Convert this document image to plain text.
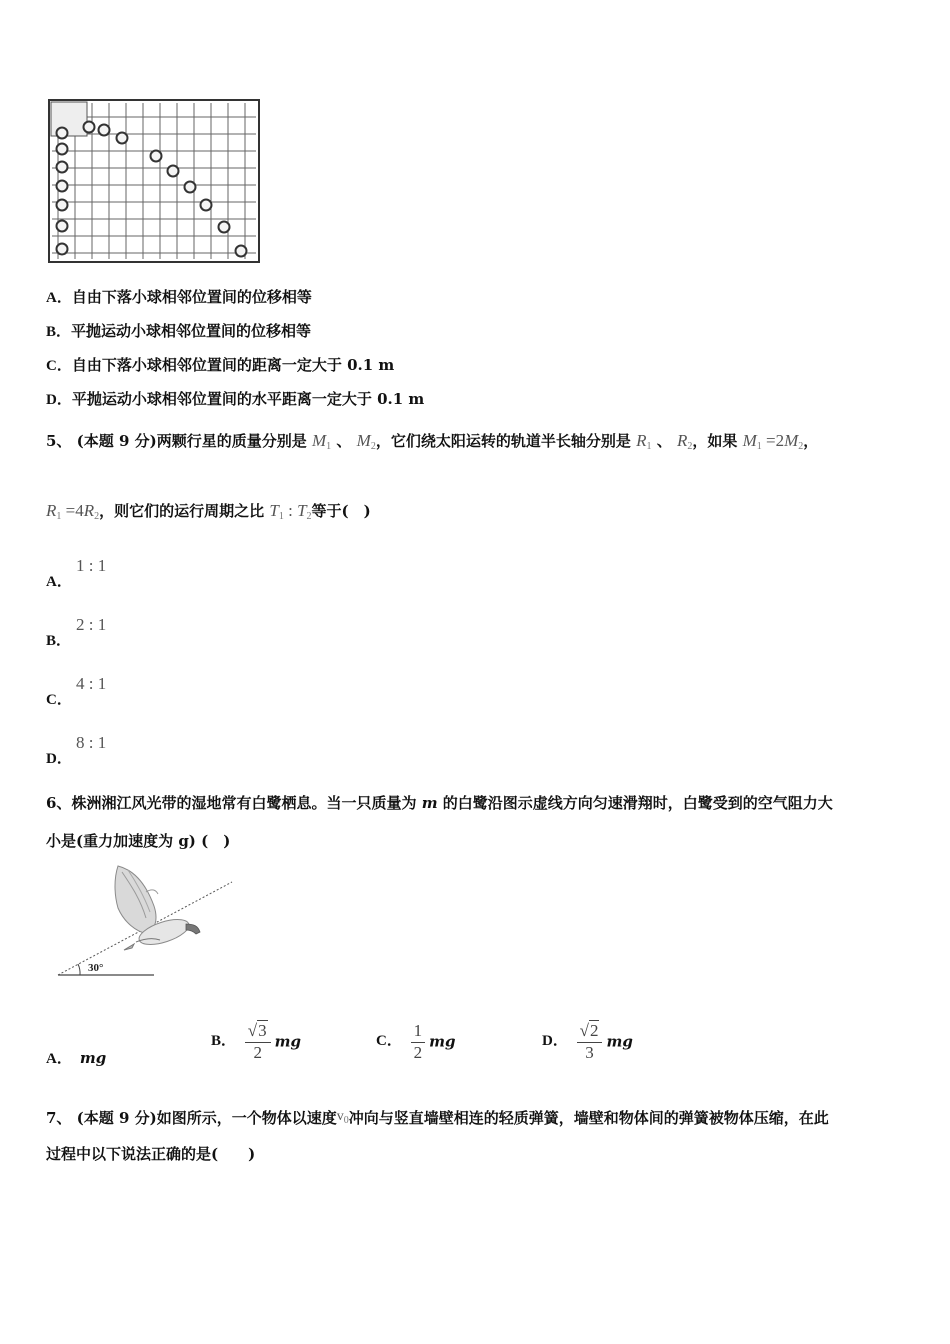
A．自由下落小球相邻位置间的位移相等
B．平抛运动小球相邻位置间的位移相等
C．自由下落小球相邻位置间的距离一定大于 0.1 m
D．平抛运动小球相邻位置间的水平距离一定大于 0.1 m
5、 (本题 9 分)两颗行星的质量分别是 $M_1$ 、 $M_2$，它们绕太阳运转的轨道半长轴分别是 $R_1$ 、 $R_2$，如果 $M_1 =2M_2$，
$R_1 =4R_2$，则它们的运行周期之比 $T_1$ : $T_2$等于(　)
A．
1 : 1
B．
2 : 1
C．
4 : 1
D．
8 : 1
6、株洲湘江风光带的湿地常有白鹭栖息。当一只质量为 m 的白鹭沿图示虚线方向匀速滑翔时，白鹭受到的空气阻力大
小是(重力加速度为 g) (　)
30°
A． mg
B． $\frac{√3}{2}$ mg	C． $\frac{1}{2}$ mg	D． $\frac{√2}{3}$ mg
7、 (本题 9 分)如图所示，一个物体以速度$v_0$冲向与竖直墙壁相连的轻质弹簧，墙壁和物体间的弹簧被物体压缩，在此
过程中以下说法正确的是(　　)
